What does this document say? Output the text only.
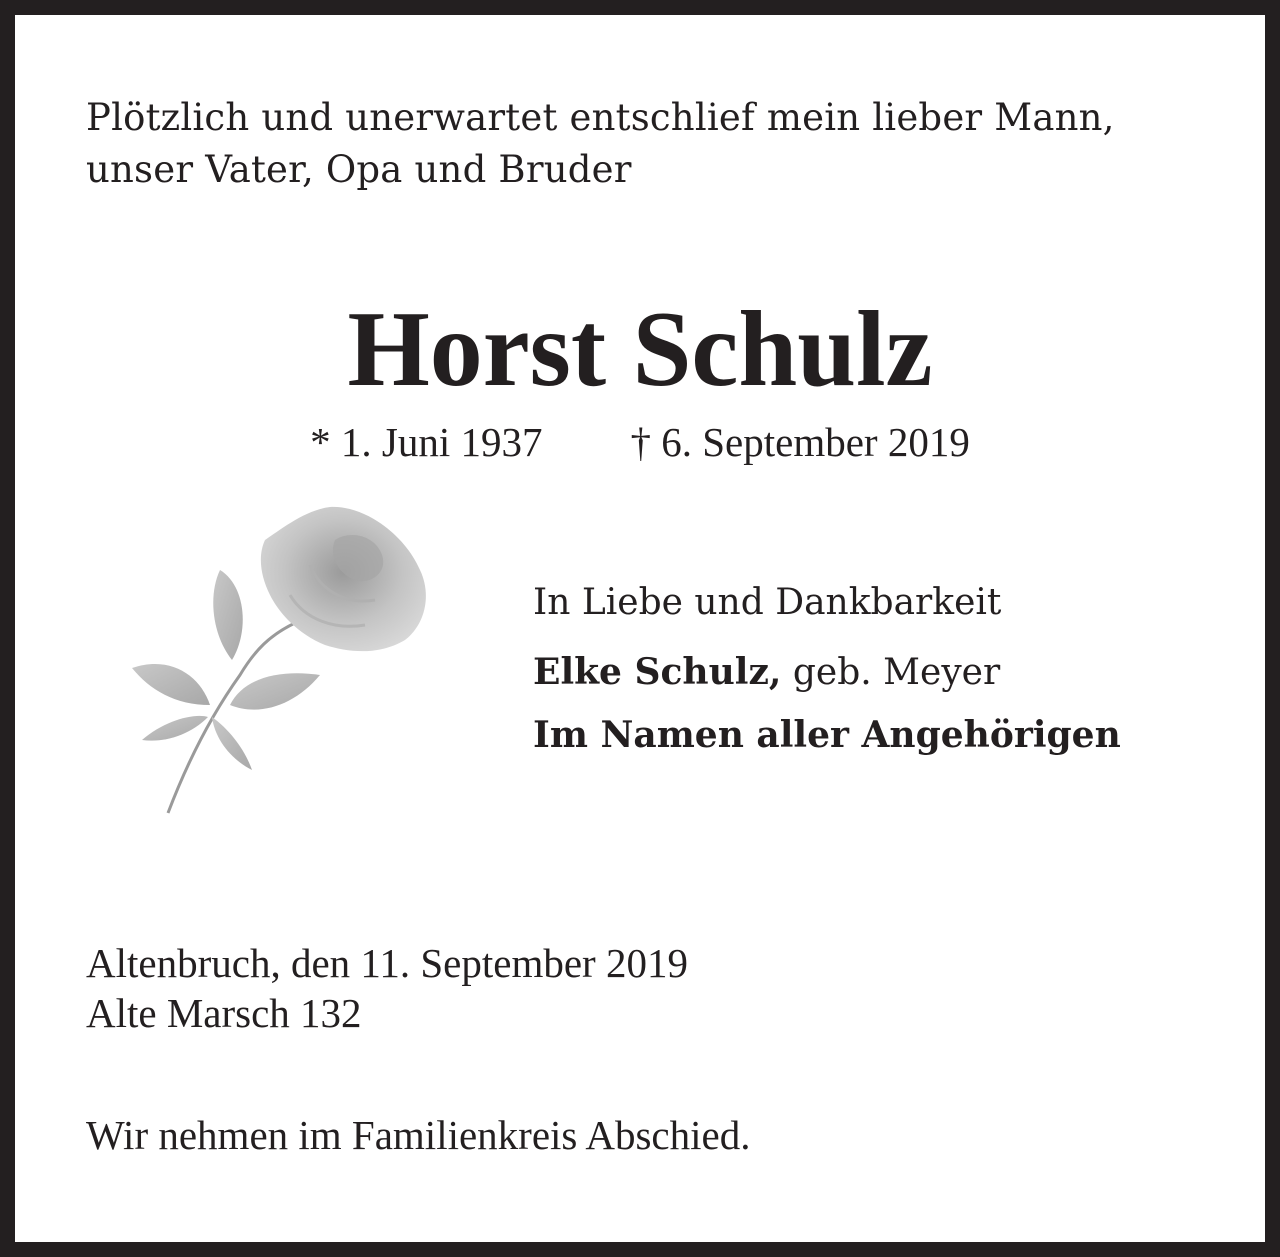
Plötzlich und unerwartet entschlief mein lieber Mann,
unser Vater, Opa und Bruder

Horst Schulz

* 1. Juni 1937 † 6. September 2019

In Liebe und Dankbarkeit

Elke Schulz, geb. Meyer

Im Namen aller Angehörigen

Altenbruch, den 11. September 2019
Alte Marsch 132

Wir nehmen im Familienkreis Abschied.
